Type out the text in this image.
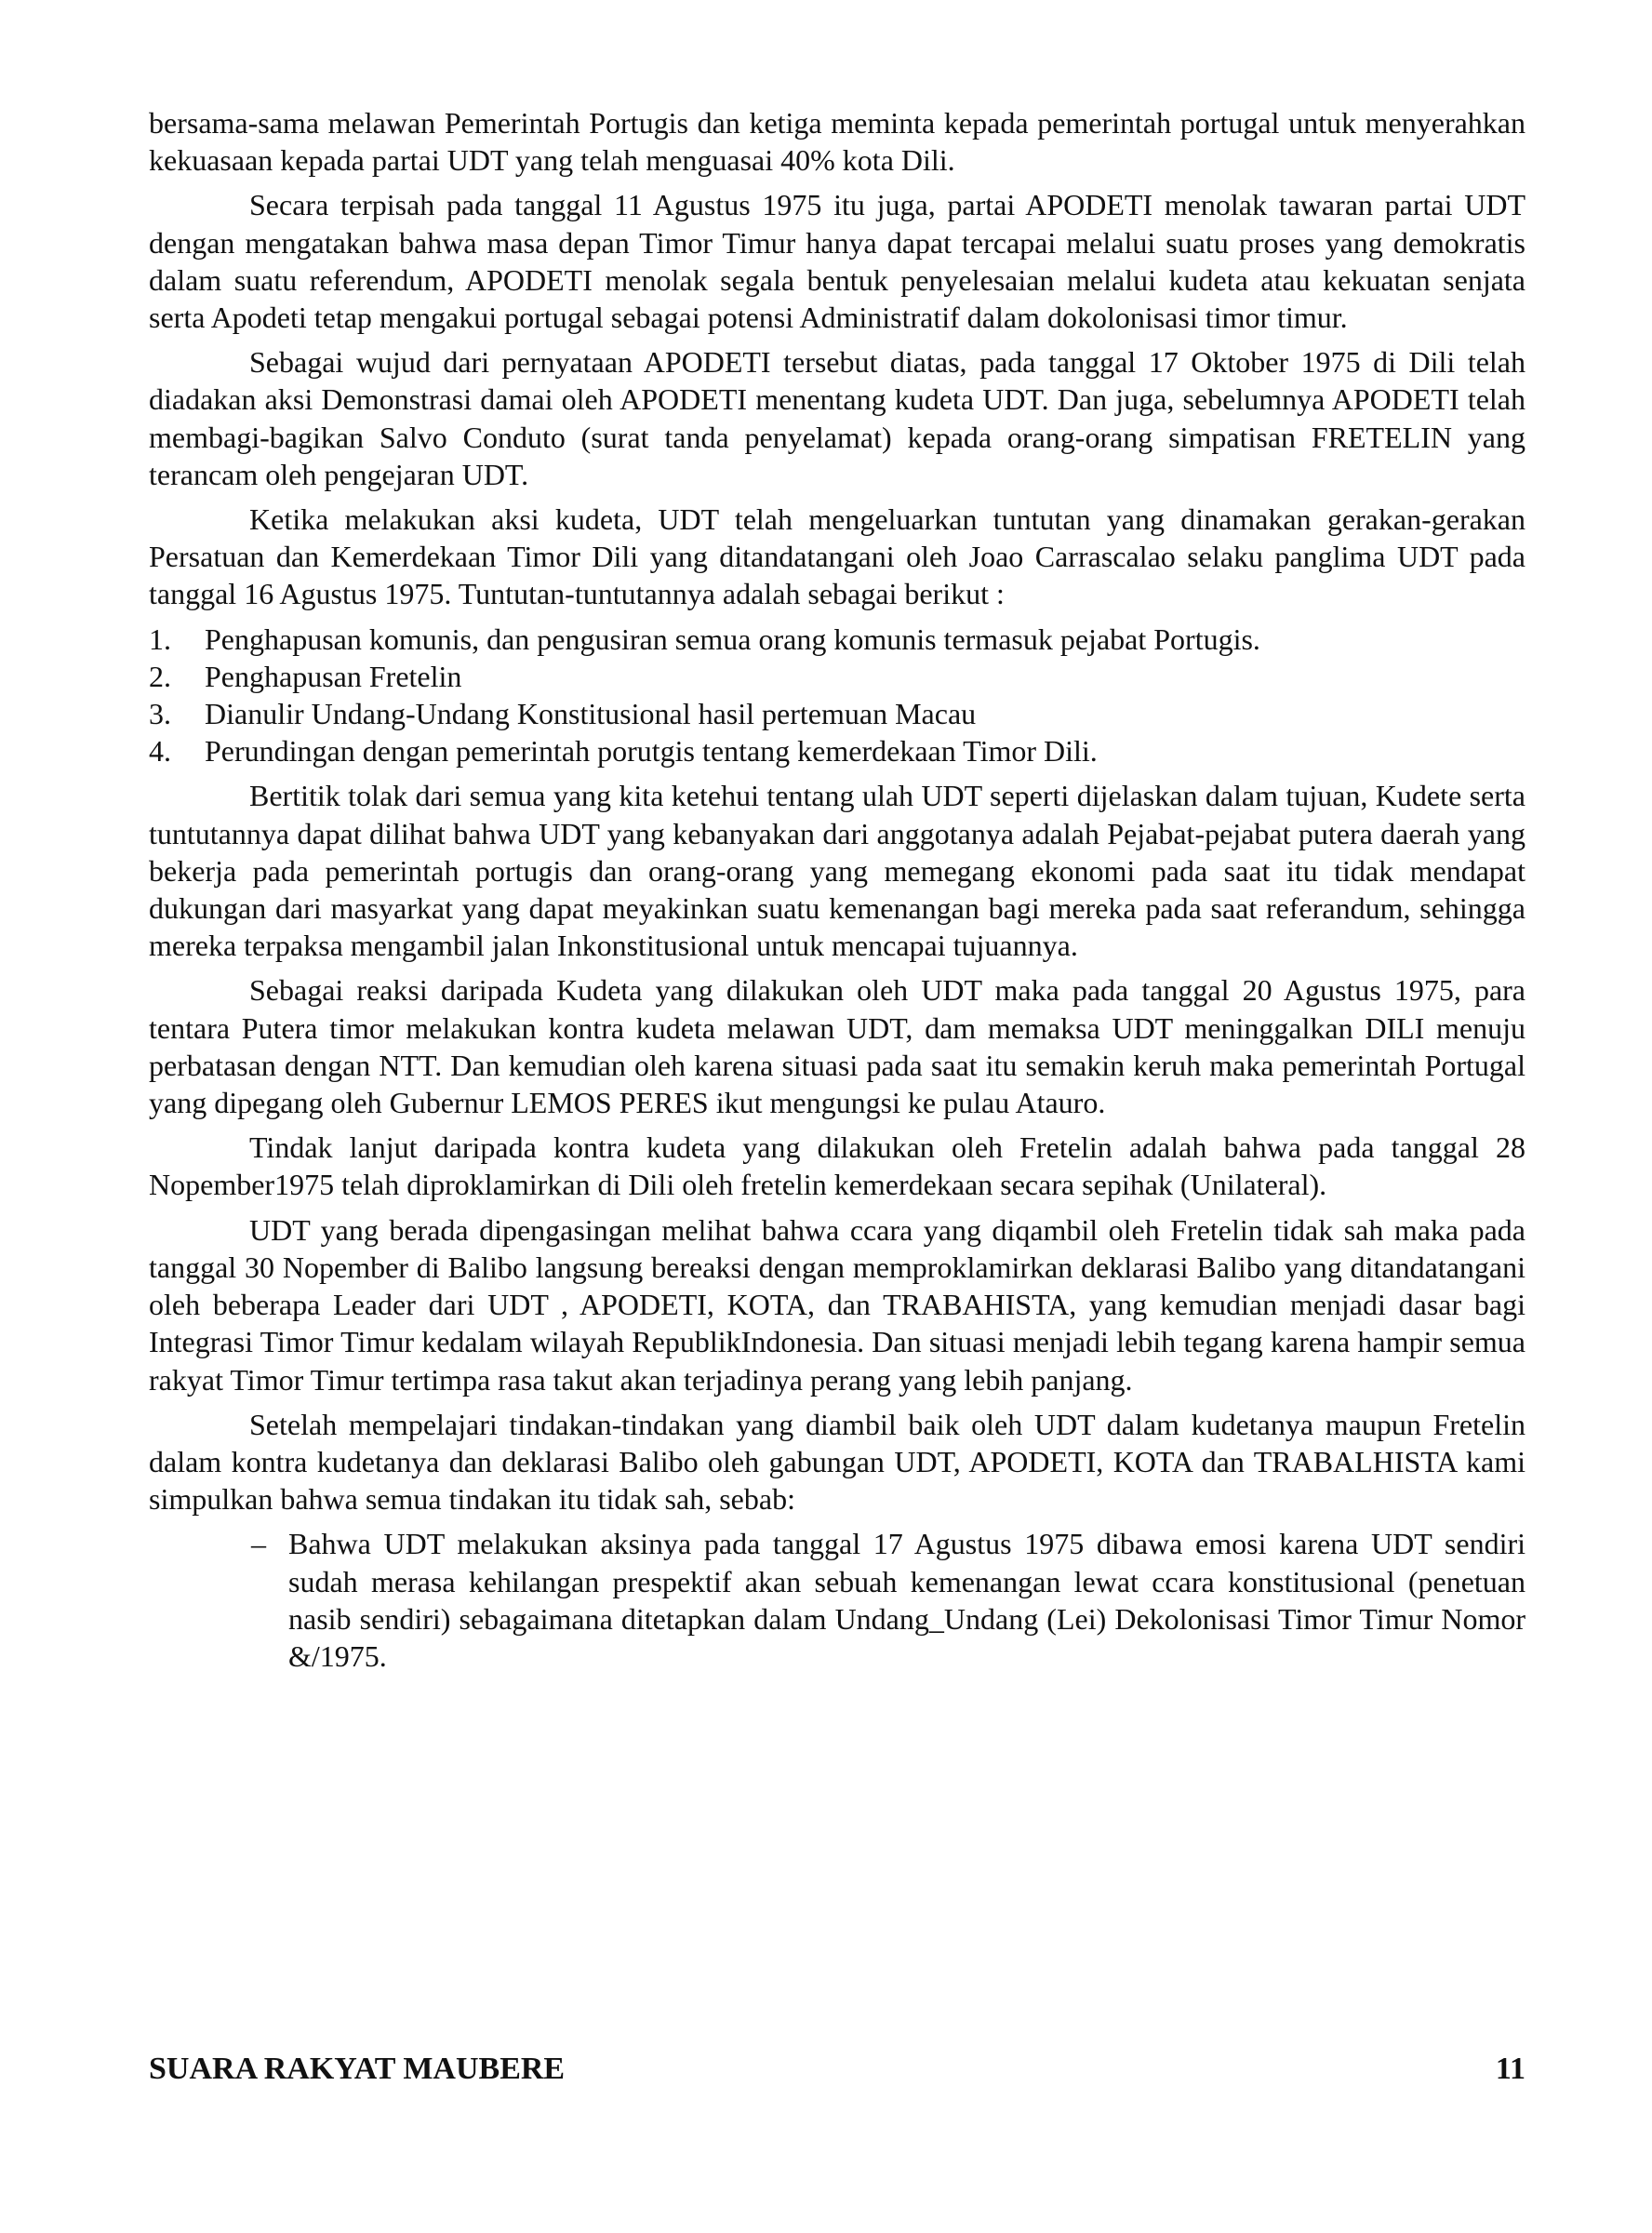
bersama-sama melawan Pemerintah Portugis dan ketiga meminta kepada pemerintah portugal untuk menyerahkan kekuasaan kepada partai UDT yang telah menguasai 40% kota Dili.

Secara terpisah pada tanggal 11 Agustus 1975 itu juga, partai APODETI menolak tawaran partai UDT dengan mengatakan bahwa masa depan Timor Timur hanya dapat tercapai melalui suatu proses yang demokratis dalam suatu referendum, APODETI menolak segala bentuk penyelesaian melalui kudeta atau kekuatan senjata serta Apodeti tetap mengakui portugal sebagai potensi Administratif dalam dokolonisasi timor timur.

Sebagai wujud dari pernyataan APODETI tersebut diatas, pada tanggal 17 Oktober 1975 di Dili telah diadakan aksi Demonstrasi damai oleh APODETI menentang kudeta UDT. Dan juga, sebelumnya APODETI telah membagi-bagikan Salvo Conduto (surat tanda penyelamat) kepada orang-orang simpatisan FRETELIN yang terancam oleh pengejaran UDT.

Ketika melakukan aksi kudeta, UDT telah mengeluarkan tuntutan yang dinamakan gerakan-gerakan Persatuan dan Kemerdekaan Timor Dili yang ditandatangani oleh Joao Carrascalao selaku panglima UDT pada tanggal 16 Agustus 1975. Tuntutan-tuntutannya adalah sebagai berikut :

1.	Penghapusan komunis, dan pengusiran semua orang komunis termasuk pejabat Portugis.
2.	Penghapusan Fretelin
3.	Dianulir Undang-Undang Konstitusional hasil pertemuan Macau
4.	Perundingan dengan pemerintah porutgis tentang kemerdekaan Timor Dili.

Bertitik tolak dari semua yang kita ketehui tentang ulah UDT seperti dijelaskan dalam tujuan, Kudete serta tuntutannya dapat dilihat bahwa UDT yang kebanyakan dari anggotanya adalah Pejabat-pejabat putera daerah yang bekerja pada pemerintah portugis dan orang-orang yang memegang ekonomi pada saat itu tidak mendapat dukungan dari masyarkat yang dapat meyakinkan suatu kemenangan bagi mereka pada saat referandum, sehingga mereka terpaksa mengambil jalan Inkonstitusional untuk mencapai tujuannya.

Sebagai reaksi daripada Kudeta yang dilakukan oleh UDT maka pada tanggal 20 Agustus 1975, para tentara Putera timor melakukan kontra kudeta melawan UDT, dam memaksa UDT meninggalkan DILI menuju perbatasan dengan NTT. Dan kemudian oleh karena situasi pada saat itu semakin keruh maka pemerintah Portugal yang dipegang oleh Gubernur LEMOS PERES ikut mengungsi ke pulau Atauro.

Tindak lanjut daripada kontra kudeta yang dilakukan oleh Fretelin adalah bahwa pada tanggal 28 Nopember1975 telah diproklamirkan di Dili oleh fretelin kemerdekaan secara sepihak (Unilateral).

UDT yang berada dipengasingan melihat bahwa ccara yang diqambil oleh Fretelin tidak sah maka pada tanggal 30 Nopember di Balibo langsung bereaksi dengan memproklamirkan deklarasi Balibo yang ditandatangani oleh beberapa Leader dari UDT , APODETI, KOTA, dan TRABAHISTA, yang kemudian menjadi dasar bagi Integrasi Timor Timur kedalam wilayah RepublikIndonesia. Dan situasi menjadi lebih tegang karena hampir semua rakyat Timor Timur tertimpa rasa takut akan terjadinya perang yang lebih panjang.

Setelah mempelajari tindakan-tindakan yang diambil baik oleh UDT dalam kudetanya maupun Fretelin dalam kontra kudetanya dan deklarasi Balibo oleh gabungan UDT, APODETI, KOTA dan TRABALHISTA kami simpulkan bahwa semua tindakan itu tidak sah, sebab:

– Bahwa UDT melakukan aksinya pada tanggal 17 Agustus 1975 dibawa emosi karena UDT sendiri sudah merasa kehilangan prespektif akan sebuah kemenangan lewat ccara konstitusional (penetuan nasib sendiri) sebagaimana ditetapkan dalam Undang_Undang (Lei) Dekolonisasi Timor Timur Nomor &/1975.
SUARA RAKYAT MAUBERE	11
